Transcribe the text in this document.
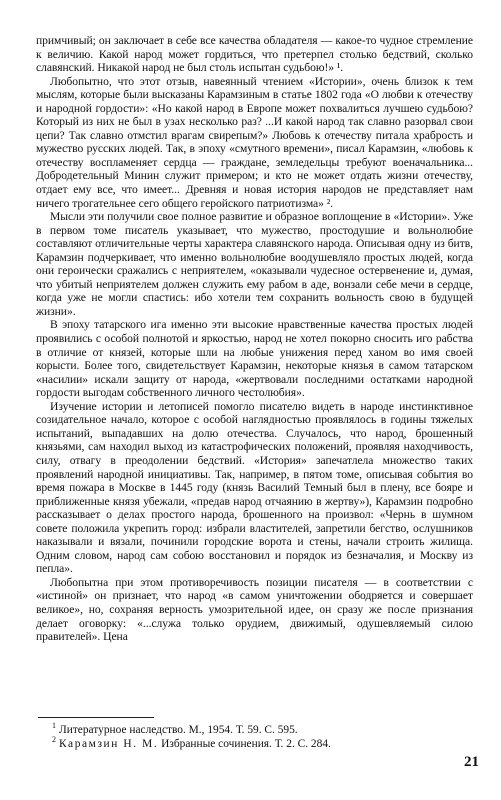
примчивый; он заключает в себе все качества обладателя — какое-то чудное стремление к величию. Какой народ может гордиться, что претерпел столько бедствий, сколько славянский. Никакой народ не был столь испытан судьбою!» ¹.

Любопытно, что этот отзыв, навеянный чтением «Истории», очень близок к тем мыслям, которые были высказаны Карамзиным в статье 1802 года «О любви к отечеству и народной гордости»: «Но какой народ в Европе может похвалиться лучшею судьбою? Который из них не был в узах несколько раз? ...И какой народ так славно разорвал свои цепи? Так славно отмстил врагам свирепым?» Любовь к отечеству питала храбрость и мужество русских людей. Так, в эпоху «смутного времени», писал Карамзин, «любовь к отечеству воспламеняет сердца — граждане, земледельцы требуют военачальника... Добродетельный Минин служит примером; и кто не может отдать жизни отечеству, отдает ему все, что имеет... Древняя и новая история народов не представляет нам ничего трогательнее сего общего геройского патриотизма» ².

Мысли эти получили свое полное развитие и образное воплощение в «Истории». Уже в первом томе писатель указывает, что мужество, простодушие и вольнолюбие составляют отличительные черты характера славянского народа. Описывая одну из битв, Карамзин подчеркивает, что именно вольнолюбие воодушевляло простых людей, когда они героически сражались с неприятелем, «оказывали чудесное остервенение и, думая, что убитый неприятелем должен служить ему рабом в аде, вонзали себе мечи в сердце, когда уже не могли спастись: ибо хотели тем сохранить вольность свою в будущей жизни».

В эпоху татарского ига именно эти высокие нравственные качества простых людей проявились с особой полнотой и яркостью, народ не хотел покорно сносить иго рабства в отличие от князей, которые шли на любые унижения перед ханом во имя своей корысти. Более того, свидетельствует Карамзин, некоторые князья в самом татарском «насилии» искали защиту от народа, «жертвовали последними остатками народной гордости выгодам собственного личного честолюбия».

Изучение истории и летописей помогло писателю видеть в народе инстинктивное созидательное начало, которое с особой наглядностью проявлялось в годины тяжелых испытаний, выпадавших на долю отечества. Случалось, что народ, брошенный князьями, сам находил выход из катастрофических положений, проявляя находчивость, силу, отвагу в преодолении бедствий. «История» запечатлела множество таких проявлений народной инициативы. Так, например, в пятом томе, описывая события во время пожара в Москве в 1445 году (князь Василий Темный был в плену, все бояре и приближенные князя убежали, «предав народ отчаянию в жертву»), Карамзин подробно рассказывает о делах простого народа, брошенного на произвол: «Чернь в шумном совете положила укрепить город: избрали властителей, запретили бегство, ослушников наказывали и вязали, починили городские ворота и стены, начали строить жилища. Одним словом, народ сам собою восстановил и порядок из безначалия, и Москву из пепла».

Любопытна при этом противоречивость позиции писателя — в соответствии с «истиной» он признает, что народ «в самом уничтожении ободряется и совершает великое», но, сохраняя верность умозрительной идее, он сразу же после признания делает оговорку: «...служа только орудием, движимый, одушевляемый силою правителей». Цена

$^1$ Литературное наследство. М., 1954. Т. 59. С. 595.

$^2$ Карамзин Н. М. Избранные сочинения. Т. 2. С. 284.

21
